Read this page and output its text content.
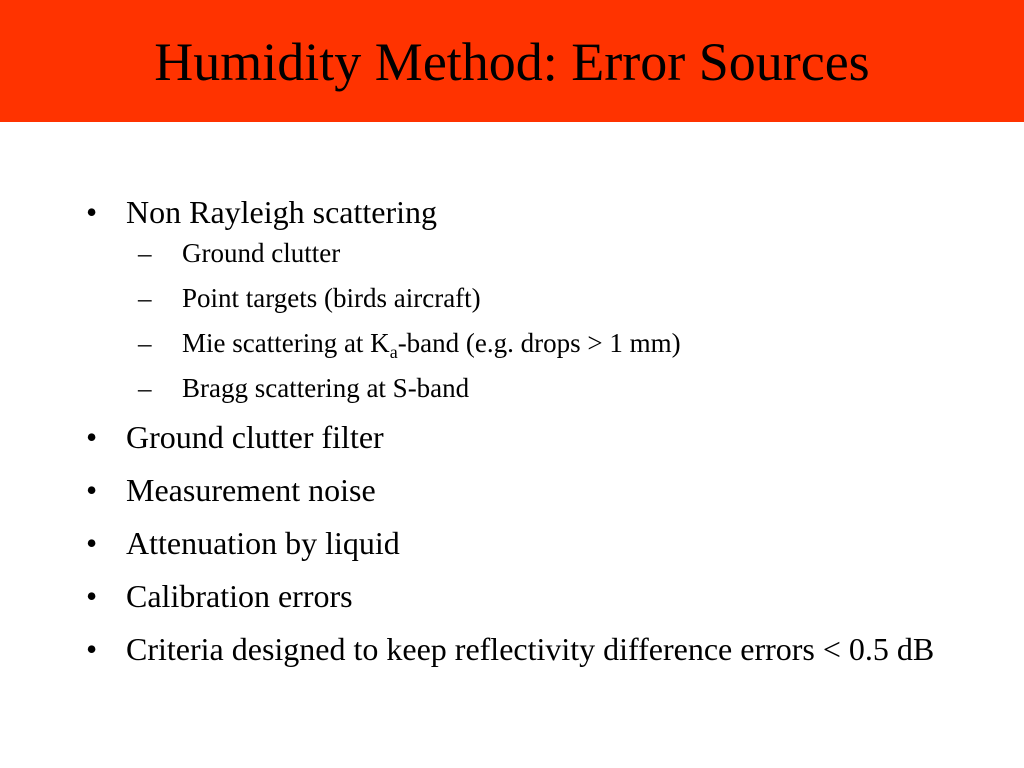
Humidity Method: Error Sources
• Non Rayleigh scattering
– Ground clutter
– Point targets (birds aircraft)
– Mie scattering at $K_a$-band (e.g. drops > 1 mm)
– Bragg scattering at S-band
• Ground clutter filter
• Measurement noise
• Attenuation by liquid
• Calibration errors
• Criteria designed to keep reflectivity difference errors < 0.5 dB
